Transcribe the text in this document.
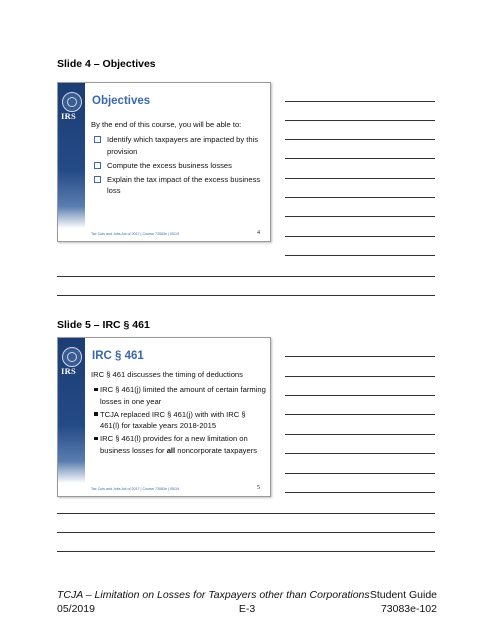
Slide 4 – Objectives
IRS
Objectives
By the end of this course, you will be able to:
Identify which taxpayers are impacted by this provision
Compute the excess business losses
Explain the tax impact of the excess business loss
Tax Cuts and Jobs Act of 2017 | Course 73083e | 05/19	4
Slide 5 – IRC § 461
IRS
IRC § 461
IRC § 461 discusses the timing of deductions
IRC § 461(j) limited the amount of certain farming losses in one year
TCJA replaced IRC § 461(j) with with IRC § 461(l) for taxable years 2018-2015
IRC § 461(l) provides for a new limitation on business losses for all noncorporate taxpayers
Tax Cuts and Jobs Act of 2017 | Course 73083e | 05/19	5
TCJA – Limitation on Losses for Taxpayers other than Corporations Student Guide
05/2019	E-3	73083e-102
